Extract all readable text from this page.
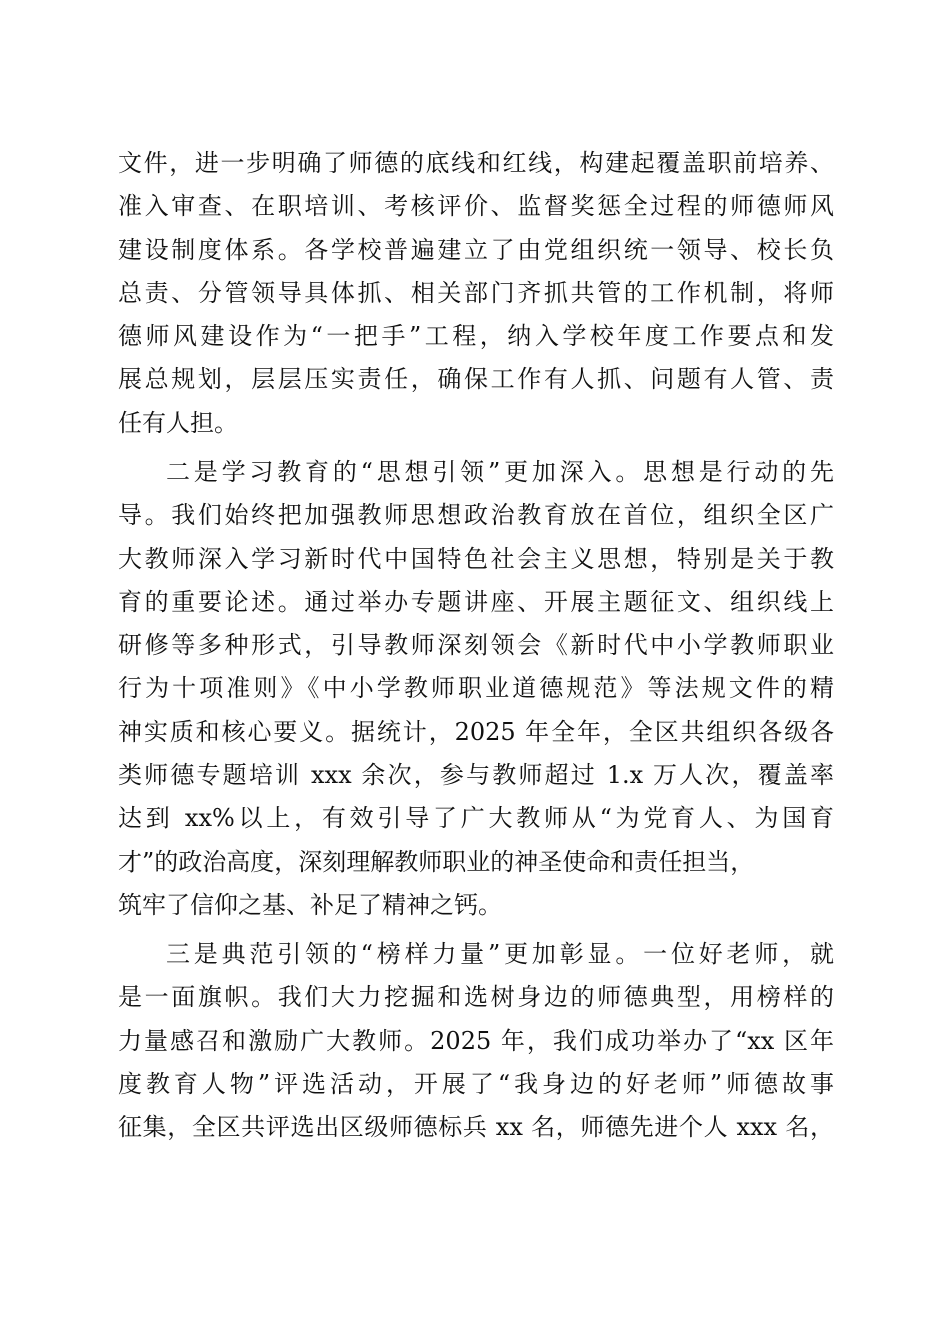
文件，进一步明确了师德的底线和红线，构建起覆盖职前培养、
准入审查、在职培训、考核评价、监督奖惩全过程的师德师风
建设制度体系。各学校普遍建立了由党组织统一领导、校长负
总责、分管领导具体抓、相关部门齐抓共管的工作机制，将师
德师风建设作为“一把手”工程，纳入学校年度工作要点和发
展总规划，层层压实责任，确保工作有人抓、问题有人管、责
任有人担。
二是学习教育的“思想引领”更加深入。思想是行动的先
导。我们始终把加强教师思想政治教育放在首位，组织全区广
大教师深入学习新时代中国特色社会主义思想，特别是关于教
育的重要论述。通过举办专题讲座、开展主题征文、组织线上
研修等多种形式，引导教师深刻领会《新时代中小学教师职业
行为十项准则》《中小学教师职业道德规范》等法规文件的精
神实质和核心要义。据统计，2025 年全年，全区共组织各级各
类师德专题培训 xxx 余次，参与教师超过 1.x 万人次，覆盖率
达到 xx%以上，有效引导了广大教师从“为党育人、为国育
才”的政治高度，深刻理解教师职业的神圣使命和责任担当，
筑牢了信仰之基、补足了精神之钙。
三是典范引领的“榜样力量”更加彰显。一位好老师，就
是一面旗帜。我们大力挖掘和选树身边的师德典型，用榜样的
力量感召和激励广大教师。2025 年，我们成功举办了“xx 区年
度教育人物”评选活动，开展了“我身边的好老师”师德故事
征集，全区共评选出区级师德标兵 xx 名，师德先进个人 xxx 名，
